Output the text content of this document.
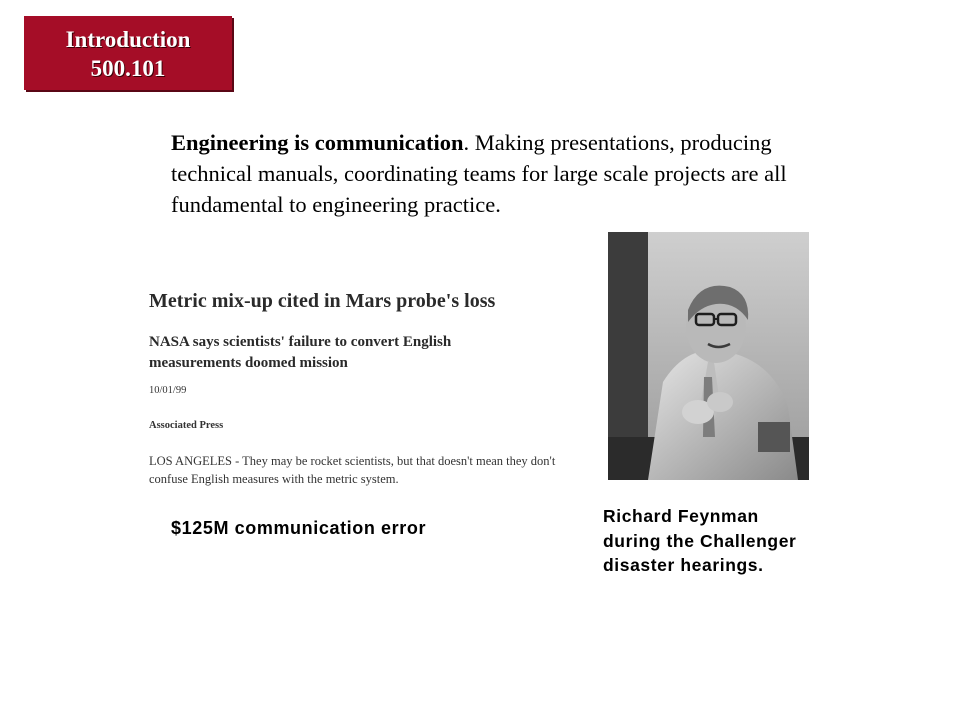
Introduction
500.101
Engineering is communication. Making presentations, producing technical manuals, coordinating teams for large scale projects are all fundamental to engineering practice.
Metric mix-up cited in Mars probe's loss
NASA says scientists' failure to convert English measurements doomed mission
10/01/99
Associated Press
LOS ANGELES - They may be rocket scientists, but that doesn't mean they don't confuse English measures with the metric system.
$125M communication error
Richard Feynman
during the Challenger
disaster hearings.
